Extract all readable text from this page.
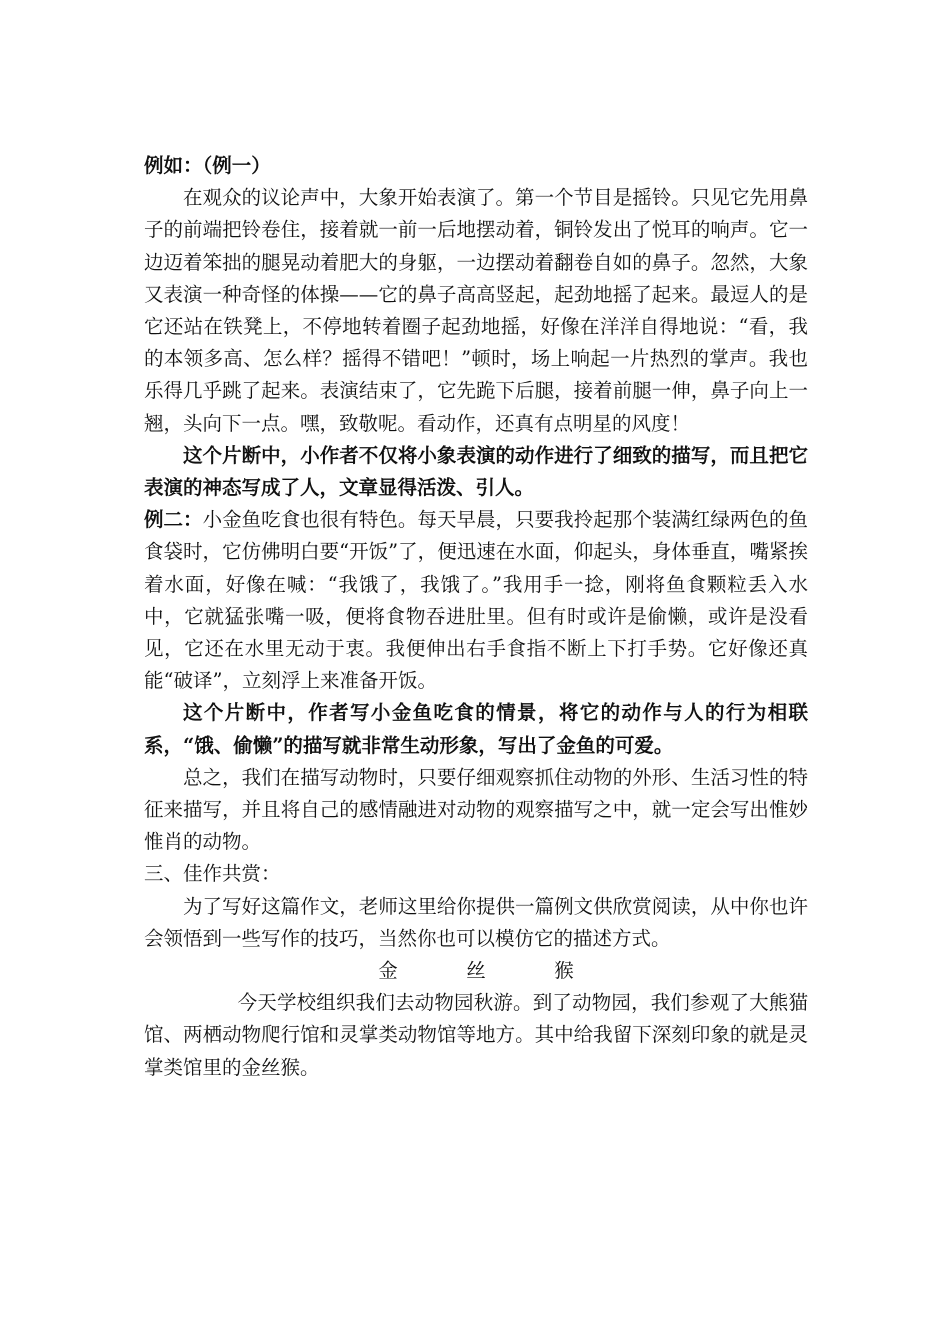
例如：（例一）

在观众的议论声中，大象开始表演了。第一个节目是摇铃。只见它先用鼻子的前端把铃卷住，接着就一前一后地摆动着，铜铃发出了悦耳的响声。它一边迈着笨拙的腿晃动着肥大的身躯，一边摆动着翻卷自如的鼻子。忽然，大象又表演一种奇怪的体操——它的鼻子高高竖起，起劲地摇了起来。最逗人的是它还站在铁凳上，不停地转着圈子起劲地摇，好像在洋洋自得地说：“看，我的本领多高、怎么样？摇得不错吧！”顿时，场上响起一片热烈的掌声。我也乐得几乎跳了起来。表演结束了，它先跪下后腿，接着前腿一伸，鼻子向上一翘，头向下一点。嘿，致敬呢。看动作，还真有点明星的风度！

这个片断中，小作者不仅将小象表演的动作进行了细致的描写，而且把它表演的神态写成了人，文章显得活泼、引人。

例二：小金鱼吃食也很有特色。每天早晨，只要我拎起那个装满红绿两色的鱼食袋时，它仿佛明白要“开饭”了，便迅速在水面，仰起头，身体垂直，嘴紧挨着水面，好像在喊：“我饿了，我饿了。”我用手一捻，刚将鱼食颗粒丢入水中，它就猛张嘴一吸，便将食物吞进肚里。但有时或许是偷懒，或许是没看见，它还在水里无动于衷。我便伸出右手食指不断上下打手势。它好像还真能“破译”，立刻浮上来准备开饭。

这个片断中，作者写小金鱼吃食的情景，将它的动作与人的行为相联系，“饿、偷懒”的描写就非常生动形象，写出了金鱼的可爱。

总之，我们在描写动物时，只要仔细观察抓住动物的外形、生活习性的特征来描写，并且将自己的感情融进对动物的观察描写之中，就一定会写出惟妙惟肖的动物。

三、佳作共赏：

为了写好这篇作文，老师这里给你提供一篇例文供欣赏阅读，从中你也许会领悟到一些写作的技巧，当然你也可以模仿它的描述方式。

金	丝	猴

今天学校组织我们去动物园秋游。到了动物园，我们参观了大熊猫馆、两栖动物爬行馆和灵掌类动物馆等地方。其中给我留下深刻印象的就是灵掌类馆里的金丝猴。
